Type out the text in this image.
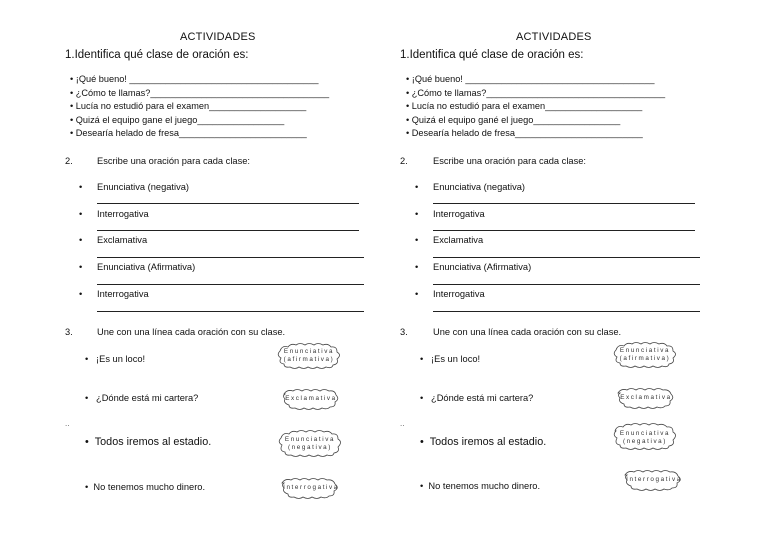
ACTIVIDADES
1.Identifica qué clase de oración es:
• ¡Qué bueno! _____________________________________
• ¿Cómo te llamas?___________________________________
• Lucía no estudió para el examen___________________
• Quizá el equipo gane el juego_________________
• Desearía helado de fresa_________________________
2.	Escribe una oración para cada clase:
• Enunciativa (negativa)
• Interrogativa
• Exclamativa
• Enunciativa (Afirmativa)
• Interrogativa
3.	Une con una línea cada oración con su clase.
•   ¡Es un loco!
•   ¿Dónde está mi cartera?
..
•  Todos iremos al estadio.
•  No tenemos mucho dinero.
Enunciativa
(afirmativa)
Exclamativa
Enunciativa
(negativa)
Interrogativa
ACTIVIDADES
1.Identifica qué clase de oración es:
• ¡Qué bueno! _____________________________________
• ¿Cómo te llamas?___________________________________
• Lucía no estudió para el examen___________________
• Quizá el equipo gané el juego_________________
• Desearía helado de fresa_________________________
2.	Escribe una oración para cada clase:
• Enunciativa (negativa)
• Interrogativa
• Exclamativa
• Enunciativa (Afirmativa)
• Interrogativa
3.	Une con una línea cada oración con su clase.
•   ¡Es un loco!
•   ¿Dónde está mi cartera?
..
•  Todos iremos al estadio.
•  No tenemos mucho dinero.
Enunciativa
(afirmativa)
Exclamativa
Enunciativa
(negativa)
Interrogativa
